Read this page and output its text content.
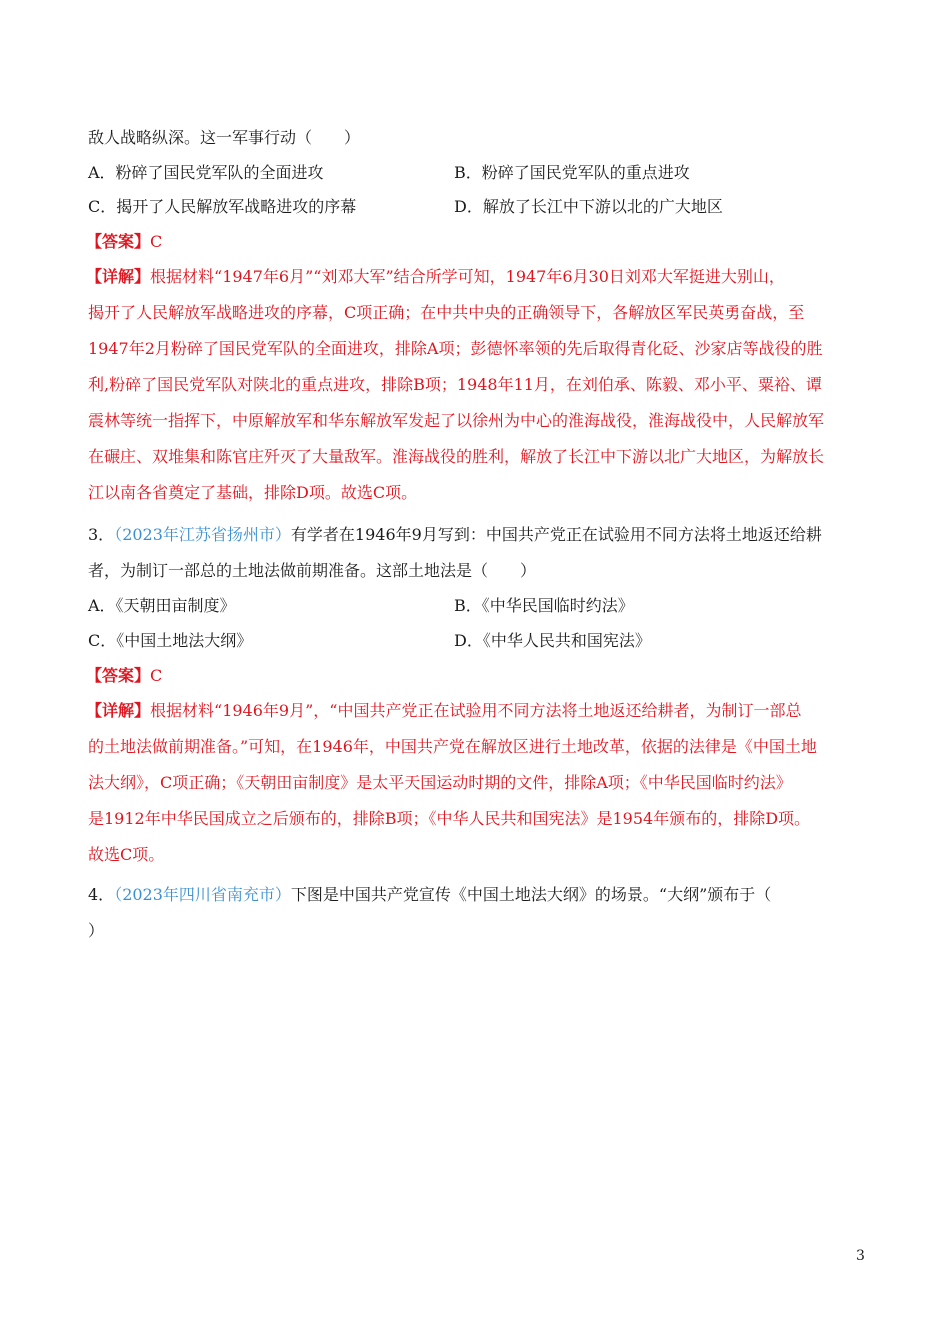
敌人战略纵深。这一军事行动（　　）
A．粉碎了国民党军队的全面进攻	B．粉碎了国民党军队的重点进攻
C．揭开了人民解放军战略进攻的序幕	D．解放了长江中下游以北的广大地区
【答案】C
【详解】根据材料“1947年6月”“刘邓大军”结合所学可知，1947年6月30日刘邓大军挺进大别山，
揭开了人民解放军战略进攻的序幕，C项正确；在中共中央的正确领导下，各解放区军民英勇奋战，至
1947年2月粉碎了国民党军队的全面进攻，排除A项；彭德怀率领的先后取得青化砭、沙家店等战役的胜
利,粉碎了国民党军队对陕北的重点进攻，排除B项；1948年11月，在刘伯承、陈毅、邓小平、粟裕、谭
震林等统一指挥下，中原解放军和华东解放军发起了以徐州为中心的淮海战役，淮海战役中，人民解放军
在碾庄、双堆集和陈官庄歼灭了大量敌军。淮海战役的胜利，解放了长江中下游以北广大地区，为解放长
江以南各省奠定了基础，排除D项。故选C项。
3．（2023年江苏省扬州市）有学者在1946年9月写到：中国共产党正在试验用不同方法将土地返还给耕
者，为制订一部总的土地法做前期准备。这部土地法是（　　）
A．《天朝田亩制度》	B．《中华民国临时约法》
C．《中国土地法大纲》	D．《中华人民共和国宪法》
【答案】C
【详解】根据材料“1946年9月”，“中国共产党正在试验用不同方法将土地返还给耕者，为制订一部总
的土地法做前期准备。”可知，在1946年，中国共产党在解放区进行土地改革，依据的法律是《中国土地
法大纲》，C项正确；《天朝田亩制度》是太平天国运动时期的文件，排除A项；《中华民国临时约法》
是1912年中华民国成立之后颁布的，排除B项；《中华人民共和国宪法》是1954年颁布的，排除D项。
故选C项。
4．（2023年四川省南充市）下图是中国共产党宣传《中国土地法大纲》的场景。“大纲”颁布于（
）
3
